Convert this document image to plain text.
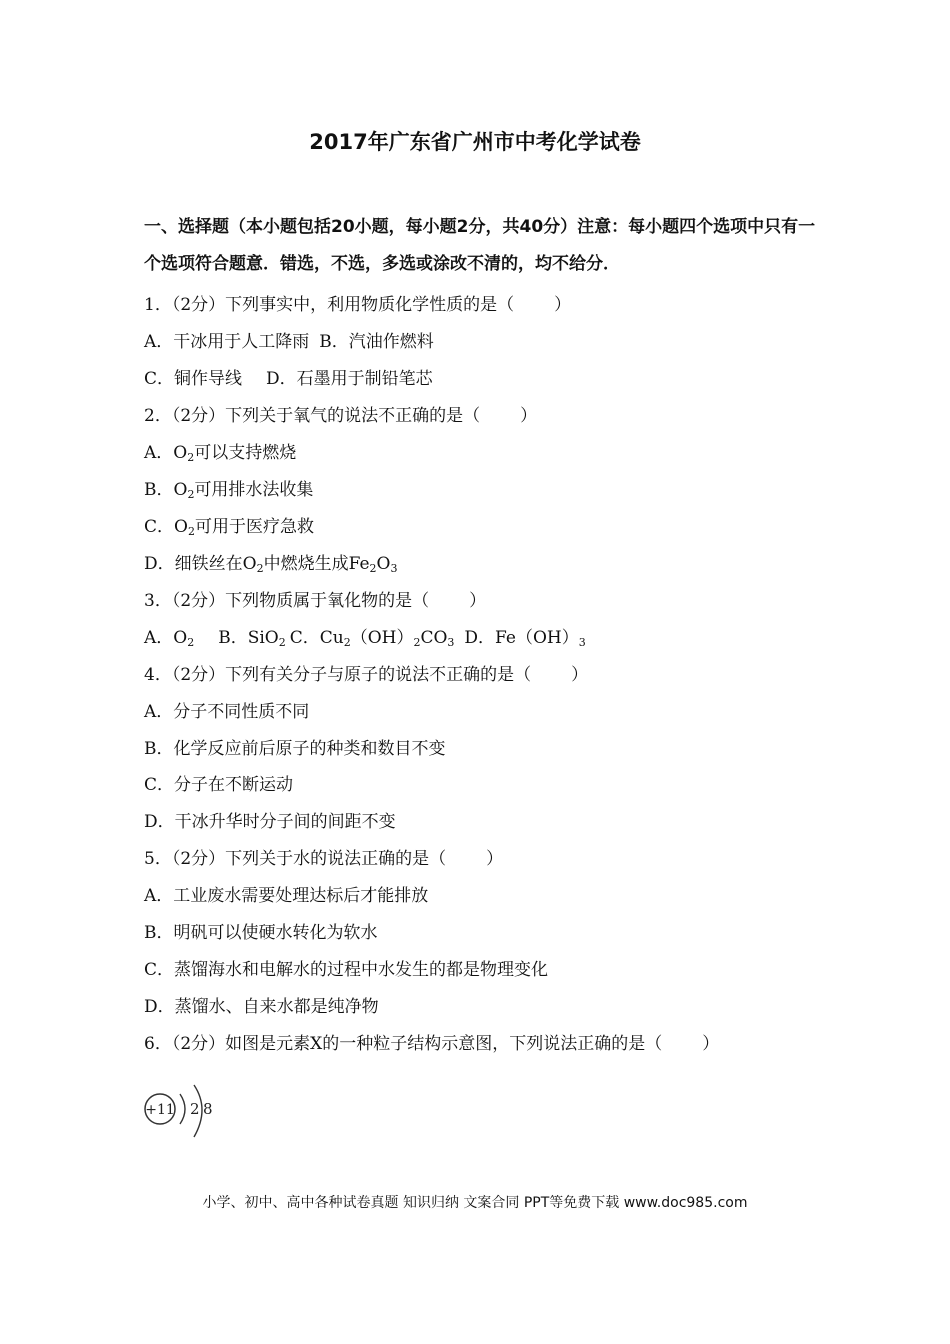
2017年广东省广州市中考化学试卷
一、选择题（本小题包括20小题，每小题2分，共40分）注意：每小题四个选项中只有一个选项符合题意．错选，不选，多选或涂改不清的，均不给分．
1．（2分）下列事实中，利用物质化学性质的是（ ）
A．干冰用于人工降雨 B．汽油作燃料
C．铜作导线 D．石墨用于制铅笔芯
2．（2分）下列关于氧气的说法不正确的是（ ）
A．$O_2$可以支持燃烧
B．$O_2$可用排水法收集
C．$O_2$可用于医疗急救
D．细铁丝在$O_2$中燃烧生成$Fe_2O_3$
3．（2分）下列物质属于氧化物的是（ ）
A．$O_2$ B．SiO$_2$ C．$Cu_2(OH)_2CO_3$ D．$Fe(OH)_3$
4．（2分）下列有关分子与原子的说法不正确的是（ ）
A．分子不同性质不同
B．化学反应前后原子的种类和数目不变
C．分子在不断运动
D．干冰升华时分子间的间距不变
5．（2分）下列关于水的说法正确的是（ ）
A．工业废水需要处理达标后才能排放
B．明矾可以使硬水转化为软水
C．蒸馏海水和电解水的过程中水发生的都是物理变化
D．蒸馏水、自来水都是纯净物
6．（2分）如图是元素X的一种粒子结构示意图，下列说法正确的是（ ）
+11 2 8
小学、初中、高中各种试卷真题 知识归纳 文案合同 PPT等免费下载 www.doc985.com
